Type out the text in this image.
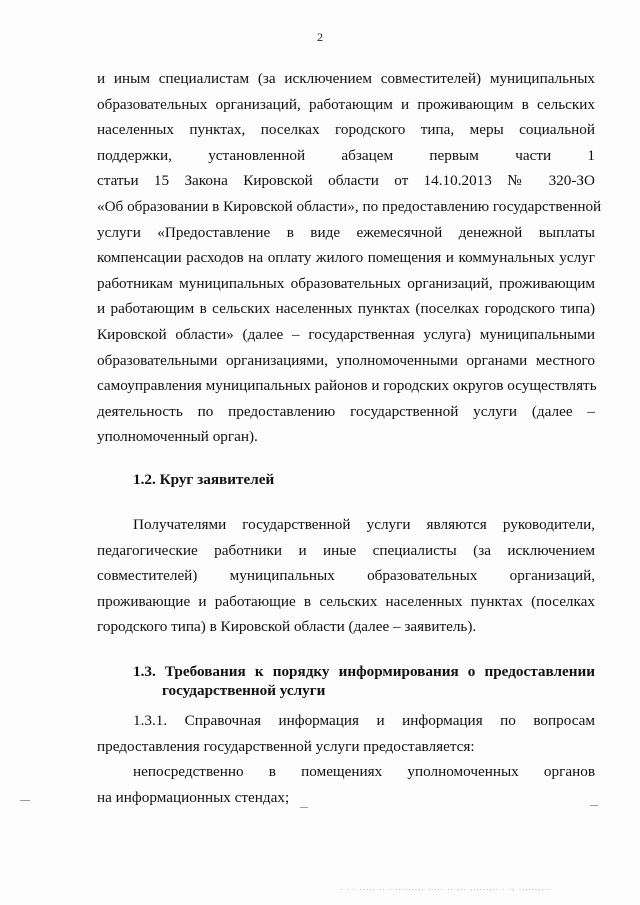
2
и иным специалистам (за исключением совместителей) муниципальных
образовательных организаций, работающим и проживающим в сельских
населенных пунктах, поселках городского типа, меры социальной
поддержки, установленной абзацем первым части 1
статьи 15 Закона Кировской области от 14.10.2013 № 320-ЗО
«Об образовании в Кировской области», по предоставлению государственной
услуги «Предоставление в виде ежемесячной денежной выплаты
компенсации расходов на оплату жилого помещения и коммунальных услуг
работникам муниципальных образовательных организаций, проживающим
и работающим в сельских населенных пунктах (поселках городского типа)
Кировской области» (далее – государственная услуга) муниципальными
образовательными организациями, уполномоченными органами местного
самоуправления муниципальных районов и городских округов осуществлять
деятельность по предоставлению государственной услуги (далее –
уполномоченный орган).
1.2. Круг заявителей
Получателями государственной услуги являются руководители,
педагогические работники и иные специалисты (за исключением
совместителей) муниципальных образовательных организаций,
проживающие и работающие в сельских населенных пунктах (поселках
городского типа) в Кировской области (далее – заявитель).
1.3. Требования к порядку информирования о предоставлении
государственной услуги
1.3.1. Справочная информация и информация по вопросам
предоставления государственной услуги предоставляется:
непосредственно в помещениях уполномоченных органов
на информационных стендах;
. . . ...,. .. . .......,. ..... .. ,.. ,.,...,.. . ., ..,...,...
